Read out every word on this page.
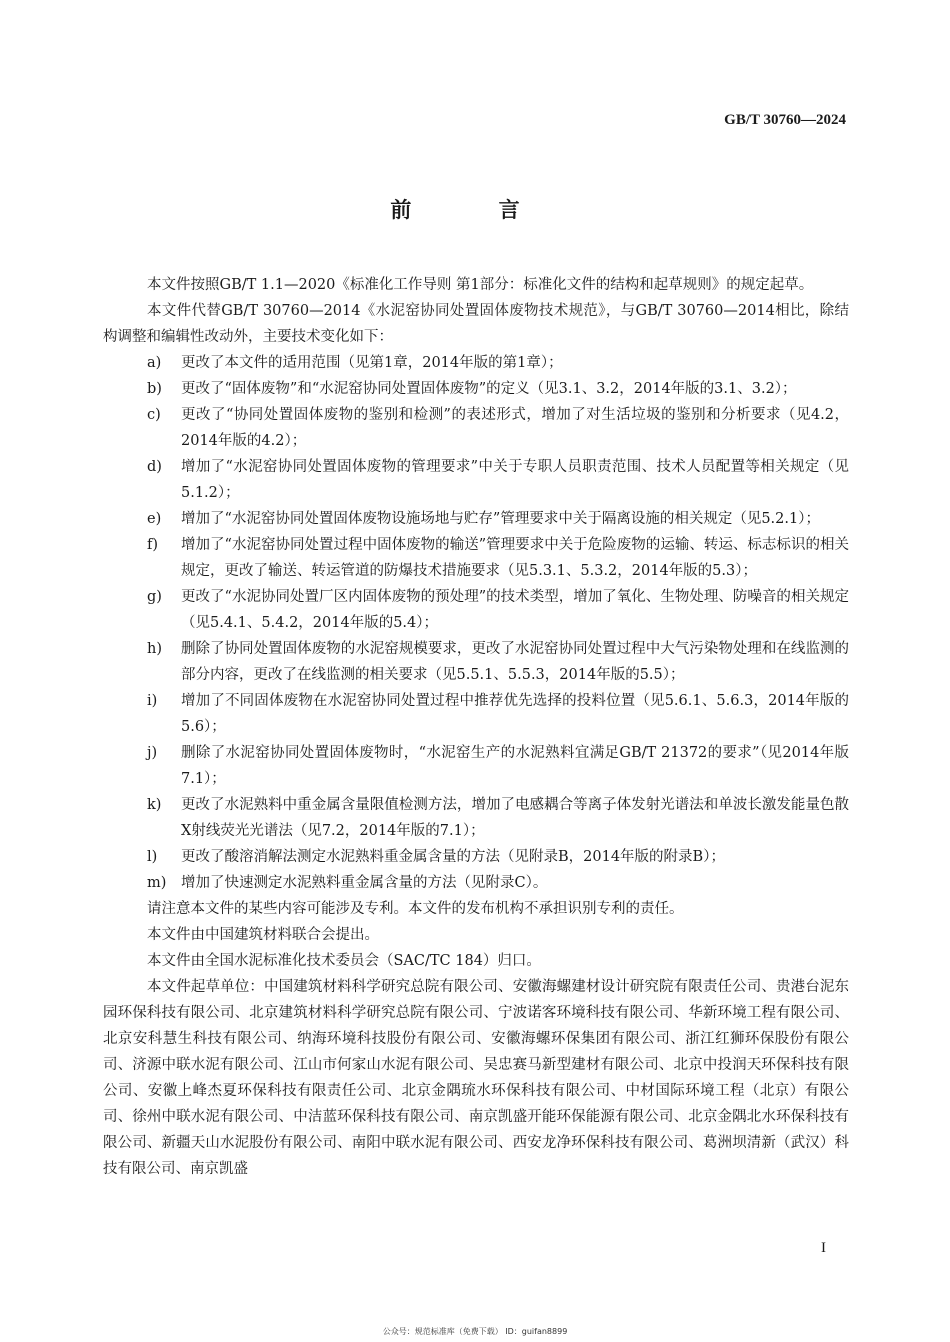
GB/T 30760—2024
前 言

本文件按照GB/T 1.1—2020《标准化工作导则 第1部分：标准化文件的结构和起草规则》的规定起草。

本文件代替GB/T 30760—2014《水泥窑协同处置固体废物技术规范》，与GB/T 30760—2014相比，除结构调整和编辑性改动外，主要技术变化如下：

a) 更改了本文件的适用范围（见第1章，2014年版的第1章）；

b) 更改了“固体废物”和“水泥窑协同处置固体废物”的定义（见3.1、3.2，2014年版的3.1、3.2）；

c) 更改了“协同处置固体废物的鉴别和检测”的表述形式，增加了对生活垃圾的鉴别和分析要求（见4.2，2014年版的4.2）；

d) 增加了“水泥窑协同处置固体废物的管理要求”中关于专职人员职责范围、技术人员配置等相关规定（见5.1.2）；

e) 增加了“水泥窑协同处置固体废物设施场地与贮存”管理要求中关于隔离设施的相关规定（见5.2.1）；

f) 增加了“水泥窑协同处置过程中固体废物的输送”管理要求中关于危险废物的运输、转运、标志标识的相关规定，更改了输送、转运管道的防爆技术措施要求（见5.3.1、5.3.2，2014年版的5.3）；

g) 更改了“水泥协同处置厂区内固体废物的预处理”的技术类型，增加了氧化、生物处理、防噪音的相关规定（见5.4.1、5.4.2，2014年版的5.4）；

h) 删除了协同处置固体废物的水泥窑规模要求，更改了水泥窑协同处置过程中大气污染物处理和在线监测的部分内容，更改了在线监测的相关要求（见5.5.1、5.5.3，2014年版的5.5）；

i) 增加了不同固体废物在水泥窑协同处置过程中推荐优先选择的投料位置（见5.6.1、5.6.3，2014年版的5.6）；

j) 删除了水泥窑协同处置固体废物时，“水泥窑生产的水泥熟料宜满足GB/T 21372的要求”（见2014年版7.1）；

k) 更改了水泥熟料中重金属含量限值检测方法，增加了电感耦合等离子体发射光谱法和单波长激发能量色散X射线荧光光谱法（见7.2，2014年版的7.1）；

l) 更改了酸溶消解法测定水泥熟料重金属含量的方法（见附录B，2014年版的附录B）；

m) 增加了快速测定水泥熟料重金属含量的方法（见附录C）。

请注意本文件的某些内容可能涉及专利。本文件的发布机构不承担识别专利的责任。

本文件由中国建筑材料联合会提出。

本文件由全国水泥标准化技术委员会（SAC/TC 184）归口。

本文件起草单位：中国建筑材料科学研究总院有限公司、安徽海螺建材设计研究院有限责任公司、贵港台泥东园环保科技有限公司、北京建筑材料科学研究总院有限公司、宁波诺客环境科技有限公司、华新环境工程有限公司、北京安科慧生科技有限公司、纳海环境科技股份有限公司、安徽海螺环保集团有限公司、浙江红狮环保股份有限公司、济源中联水泥有限公司、江山市何家山水泥有限公司、吴忠赛马新型建材有限公司、北京中投润天环保科技有限公司、安徽上峰杰夏环保科技有限责任公司、北京金隅琉水环保科技有限公司、中材国际环境工程（北京）有限公司、徐州中联水泥有限公司、中洁蓝环保科技有限公司、南京凯盛开能环保能源有限公司、北京金隅北水环保科技有限公司、新疆天山水泥股份有限公司、南阳中联水泥有限公司、西安龙净环保科技有限公司、葛洲坝清新（武汉）科技有限公司、南京凯盛

I
公众号：规范标准库（免费下载） ID：guifan8899
